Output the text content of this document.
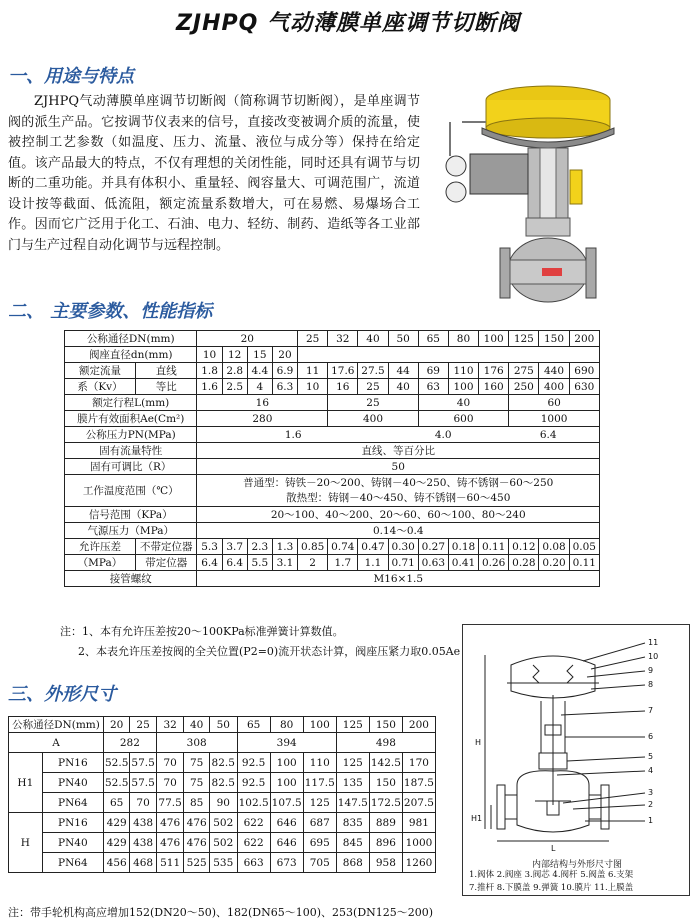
ZJHPQ 气动薄膜单座调节切断阀
一、用途与特点
ZJHPQ气动薄膜单座调节切断阀（简称调节切断阀），是单座调节阀的派生产品。它按调节仪表来的信号，直接改变被调介质的流量，使被控制工艺参数（如温度、压力、流量、液位与成分等）保持在给定值。该产品最大的特点，不仅有理想的关闭性能，同时还具有调节与切断的二重功能。并具有体积小、重量轻、阀容量大、可调范围广，流道设计按等截面、低流阻，额定流量系数增大，可在易燃、易爆场合工作。因而它广泛用于化工、石油、电力、轻纺、制药、造纸等各工业部门与生产过程自动化调节与远程控制。
二、 主要参数、性能指标
公称通径DN(mm)		20				25	32	40	50	65	80	100	125	150	200
阀座直径dn(mm)		10	12	15	20										
额定流量	直线	1.8	2.8	4.4	6.9	11	17.6	27.5	44	69	110	176	275	440	690
系（Kv）	等比	1.6	2.5	4	6.3	10	16	25	40	63	100	160	250	400	630
额定行程L(mm)		16					25			40			60		
膜片有效面积Ae(Cm²)		280					400			600			1000		
公称压力PN(MPa)		1.6 4.0 6.4													
固有流量特性		直线、等百分比													
固有可调比（R）		50													
工作温度范围（℃）		普通型：铸铁－20～200、铸钢－40～250、铸不锈钢－60～250
散热型：铸钢－40～450、铸不锈钢－60～450													

信号范围（KPa）		20～100、40～200、20～60、60～100、80～240													
气源压力（MPa）		0.14～0.4													
允许压差	不带定位器	5.3	3.7	2.3	1.3	0.85	0.74	0.47	0.30	0.27	0.18	0.11	0.12	0.08	0.05
（MPa）	带定位器	6.4	6.4	5.5	3.1	2	1.7	1.1	0.71	0.63	0.41	0.26	0.28	0.20	0.11
接管螺纹		M16×1.5													
注：1、本有允许压差按20～100KPa标准弹簧计算数值。
2、本表允许压差按阀的全关位置(P2=0)流开状态计算，阀座压紧力取0.05Ae
三、外形尺寸
公称通径DN(mm)		20	25	32	40	50	65	80	100	125	150	200
A		282		308			394			498		
H1	PN16	52.5	57.5	70	75	82.5	92.5	100	110	125	142.5	170
	PN40	52.5	57.5	70	75	82.5	92.5	100	117.5	135	150	187.5
	PN64	65	70	77.5	85	90	102.5	107.5	125	147.5	172.5	207.5
H	PN16	429	438	476	476	502	622	646	687	835	889	981
	PN40	429	438	476	476	502	622	646	695	845	896	1000
	PN64	456	468	511	525	535	663	673	705	868	958	1260
注：带手轮机构高应增加152(DN20～50)、182(DN65～100)、253(DN125～200)
11
10
9
8
7
6
5
4
3
2
1
H
H1
L
内部结构与外形尺寸图
1.阀体 2.阀座 3.阀芯 4.阀杆 5.阀盖 6.支架
7.推杆 8.下膜盖 9.弹簧 10.膜片 11.上膜盖
